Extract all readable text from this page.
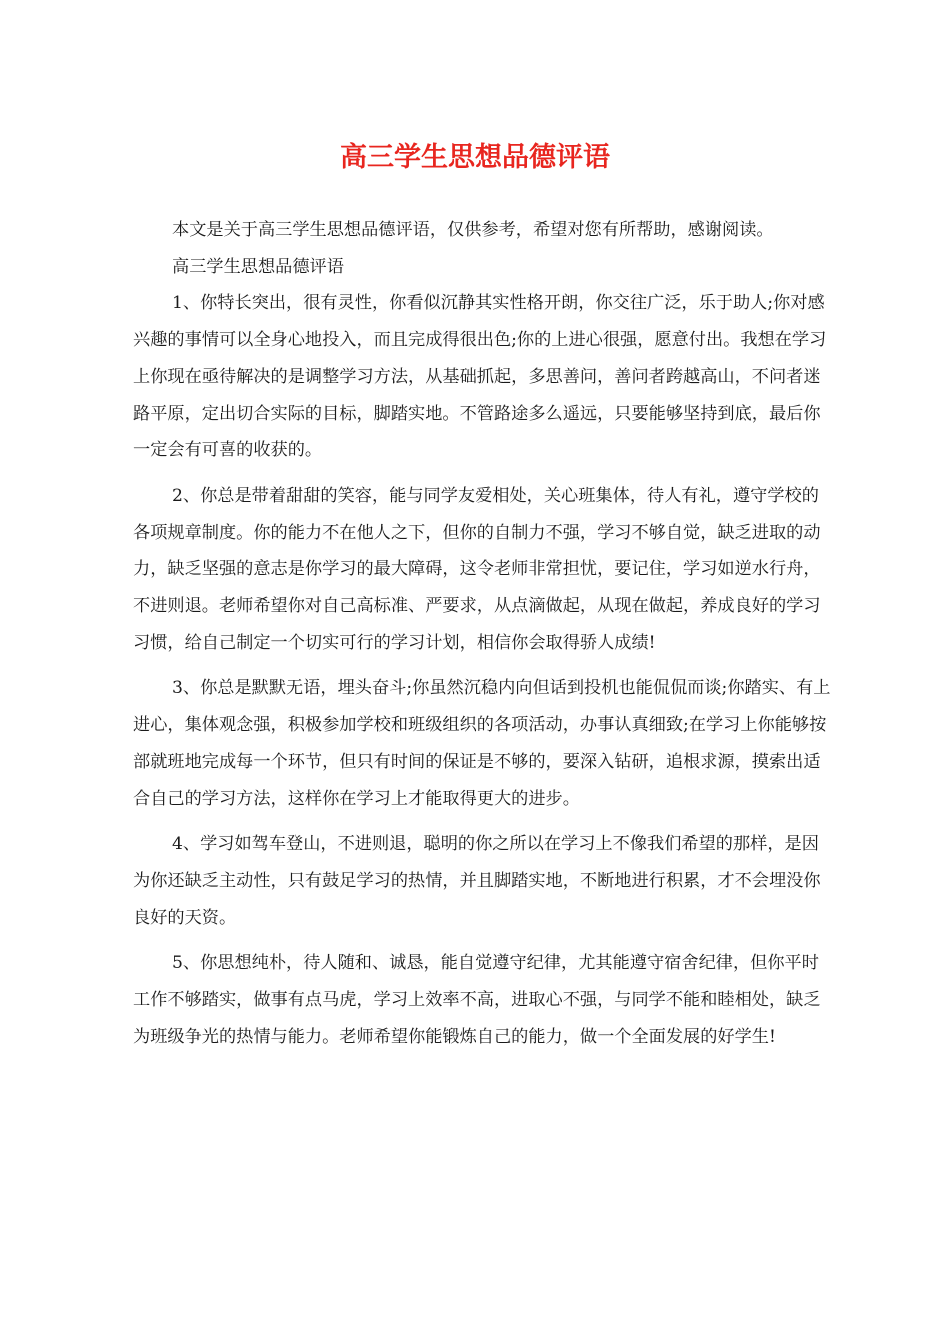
高三学生思想品德评语

本文是关于高三学生思想品德评语，仅供参考，希望对您有所帮助，感谢阅读。

高三学生思想品德评语

1、你特长突出，很有灵性，你看似沉静其实性格开朗，你交往广泛，乐于助人;你对感兴趣的事情可以全身心地投入，而且完成得很出色;你的上进心很强，愿意付出。我想在学习上你现在亟待解决的是调整学习方法，从基础抓起，多思善问，善问者跨越高山，不问者迷路平原，定出切合实际的目标，脚踏实地。不管路途多么遥远，只要能够坚持到底，最后你一定会有可喜的收获的。

2、你总是带着甜甜的笑容，能与同学友爱相处，关心班集体，待人有礼，遵守学校的各项规章制度。你的能力不在他人之下，但你的自制力不强，学习不够自觉，缺乏进取的动力，缺乏坚强的意志是你学习的最大障碍，这令老师非常担忧，要记住，学习如逆水行舟，不进则退。老师希望你对自己高标准、严要求，从点滴做起，从现在做起，养成良好的学习习惯，给自己制定一个切实可行的学习计划，相信你会取得骄人成绩!

3、你总是默默无语，埋头奋斗;你虽然沉稳内向但话到投机也能侃侃而谈;你踏实、有上进心，集体观念强，积极参加学校和班级组织的各项活动，办事认真细致;在学习上你能够按部就班地完成每一个环节，但只有时间的保证是不够的，要深入钻研，追根求源，摸索出适合自己的学习方法，这样你在学习上才能取得更大的进步。

4、学习如驾车登山，不进则退，聪明的你之所以在学习上不像我们希望的那样，是因为你还缺乏主动性，只有鼓足学习的热情，并且脚踏实地，不断地进行积累，才不会埋没你良好的天资。

5、你思想纯朴，待人随和、诚恳，能自觉遵守纪律，尤其能遵守宿舍纪律，但你平时工作不够踏实，做事有点马虎，学习上效率不高，进取心不强，与同学不能和睦相处，缺乏为班级争光的热情与能力。老师希望你能锻炼自己的能力，做一个全面发展的好学生!
